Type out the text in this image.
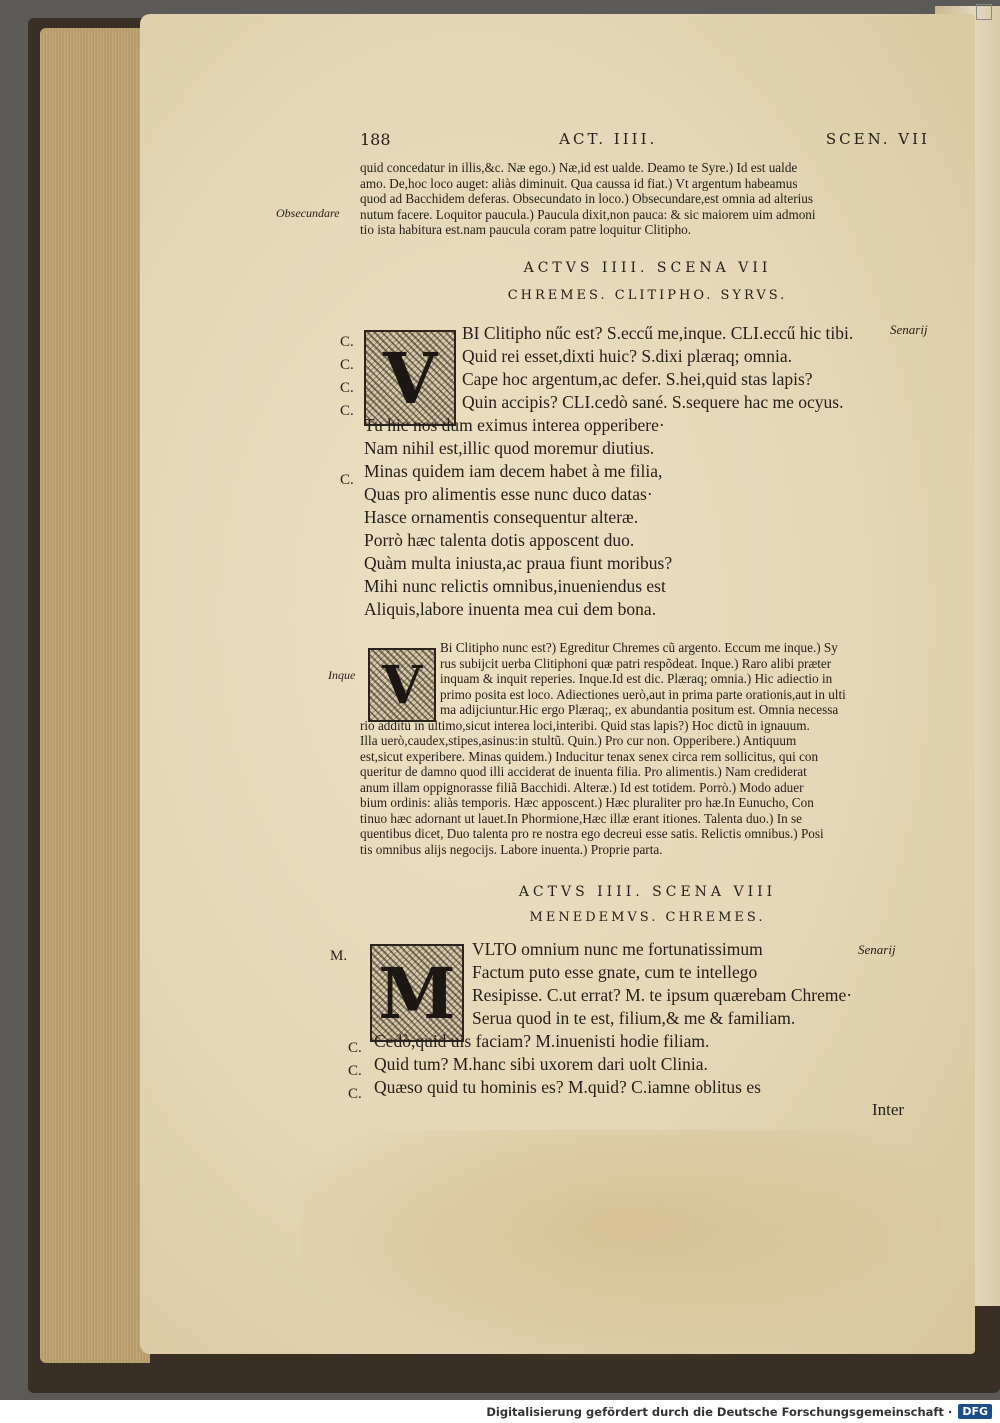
188	ACT. IIII.	SCEN. VII

quid concedatur in illis,&c. Næ ego.) Næ,id est ualde. Deamo te Syre.) Id est ualde

amo. De,hoc loco auget: aliàs diminuit. Qua caussa id fiat.) Vt argentum habeamus

quod ad Bacchidem deferas. Obsecundato in loco.) Obsecundare,est omnia ad alterius

nutum facere. Loquitor paucula.) Paucula dixit,non pauca: & sic maiorem uim admoni

tio ista habitura est.nam paucula coram patre loquitur Clitipho.

Obsecundare
ACTVS IIII. SCENA VII
CHREMES. CLITIPHO. SYRVS.
V
Senarij
C.
C.
C.
C.
C.
BI Clitipho nűc est? S.eccű me,inque. CLI.eccű hic tibi.
Quid rei esset,dixti huic? S.dixi plæraq; omnia.
Cape hoc argentum,ac defer. S.hei,quid stas lapis?
Quin accipis? CLI.cedò sané. S.sequere hac me ocyus.
Tu hic nos dum eximus interea opperibere·
Nam nihil est,illic quod moremur diutius.
Minas quidem iam decem habet à me filia,
Quas pro alimentis esse nunc duco datas·
Hasce ornamentis consequentur alteræ.
Porrò hæc talenta dotis apposcent duo.
Quàm multa iniusta,ac praua fiunt moribus?
Mihi nunc relictis omnibus,inueniendus est
Aliquis,labore inuenta mea cui dem bona.
V
Inque

Bi Clitipho nunc est?) Egreditur Chremes cũ argento. Eccum me inque.) Sy

rus subijcit uerba Clitiphoni quæ patri respõdeat. Inque.) Raro alibi præter

inquam & inquit reperies. Inque.Id est dic. Plæraq; omnia.) Hic adiectio in

primo posita est loco. Adiectiones uerò,aut in prima parte orationis,aut in ulti

ma adijciuntur.Hic ergo Plæraq;, ex abundantia positum est. Omnia necessa

rio additũ in ultimo,sicut interea loci,interibi. Quid stas lapis?) Hoc dictũ in ignauum.

Illa uerò,caudex,stipes,asinus:in stultũ. Quin.) Pro cur non. Opperibere.) Antiquum

est,sicut experibere. Minas quidem.) Inducitur tenax senex circa rem sollicitus, qui con

queritur de damno quod illi acciderat de inuenta filia. Pro alimentis.) Nam crediderat

anum illam oppignorasse filiã Bacchidi. Alteræ.) Id est totidem. Porrò.) Modo aduer

bium ordinis: aliàs temporis. Hæc apposcent.) Hæc pluraliter pro hæ.In Eunucho, Con

tinuo hæc adornant ut lauet.In Phormione,Hæc illæ erant itiones. Talenta duo.) In se

quentibus dicet, Duo talenta pro re nostra ego decreui esse satis. Relictis omnibus.) Posi

tis omnibus alijs negocijs. Labore inuenta.) Proprie parta.

ACTVS IIII. SCENA VIII
MENEDEMVS. CHREMES.
M
Senarij
M.
C.
C.
C.
VLTO omnium nunc me fortunatissimum
Factum puto esse gnate, cum te intellego
Resipisse. C.ut errat? M. te ipsum quærebam Chreme·
Serua quod in te est, filium,& me & familiam.
Cedò,quid uis faciam? M.inuenisti hodie filiam.
Quid tum? M.hanc sibi uxorem dari uolt Clinia.
Quæso quid tu hominis es? M.quid? C.iamne oblitus es
Inter
Digitalisierung gefördert durch die Deutsche Forschungsgemeinschaft · DFG
